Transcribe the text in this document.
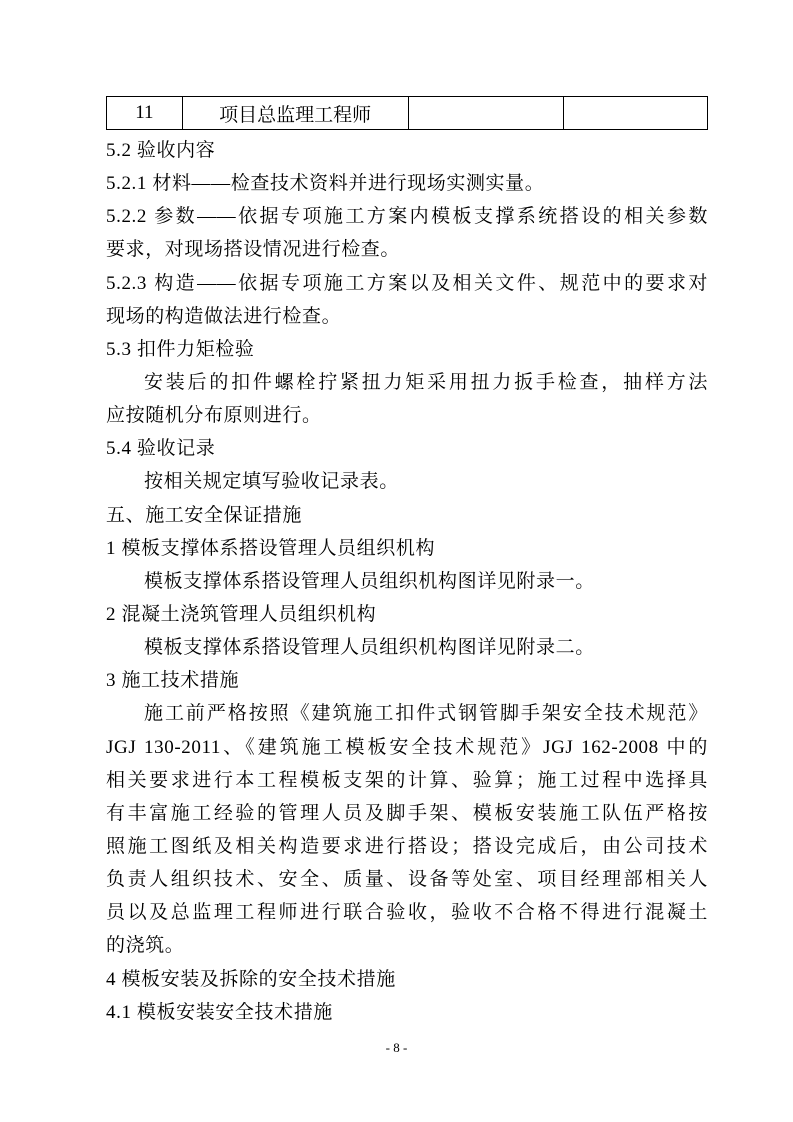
11	项目总监理工程师		
5.2 验收内容
5.2.1 材料——检查技术资料并进行现场实测实量。
5.2.2 参数——依据专项施工方案内模板支撑系统搭设的相关参数
要求，对现场搭设情况进行检查。
5.2.3 构造——依据专项施工方案以及相关文件、规范中的要求对
现场的构造做法进行检查。
5.3 扣件力矩检验
安装后的扣件螺栓拧紧扭力矩采用扭力扳手检查，抽样方法
应按随机分布原则进行。
5.4 验收记录
按相关规定填写验收记录表。
五、施工安全保证措施
1 模板支撑体系搭设管理人员组织机构
模板支撑体系搭设管理人员组织机构图详见附录一。
2 混凝土浇筑管理人员组织机构
模板支撑体系搭设管理人员组织机构图详见附录二。
3 施工技术措施
施工前严格按照《建筑施工扣件式钢管脚手架安全技术规范》
JGJ 130-2011、《建筑施工模板安全技术规范》JGJ 162-2008 中的
相关要求进行本工程模板支架的计算、验算；施工过程中选择具
有丰富施工经验的管理人员及脚手架、模板安装施工队伍严格按
照施工图纸及相关构造要求进行搭设；搭设完成后，由公司技术
负责人组织技术、安全、质量、设备等处室、项目经理部相关人
员以及总监理工程师进行联合验收，验收不合格不得进行混凝土
的浇筑。
4 模板安装及拆除的安全技术措施
4.1 模板安装安全技术措施
- 8 -
